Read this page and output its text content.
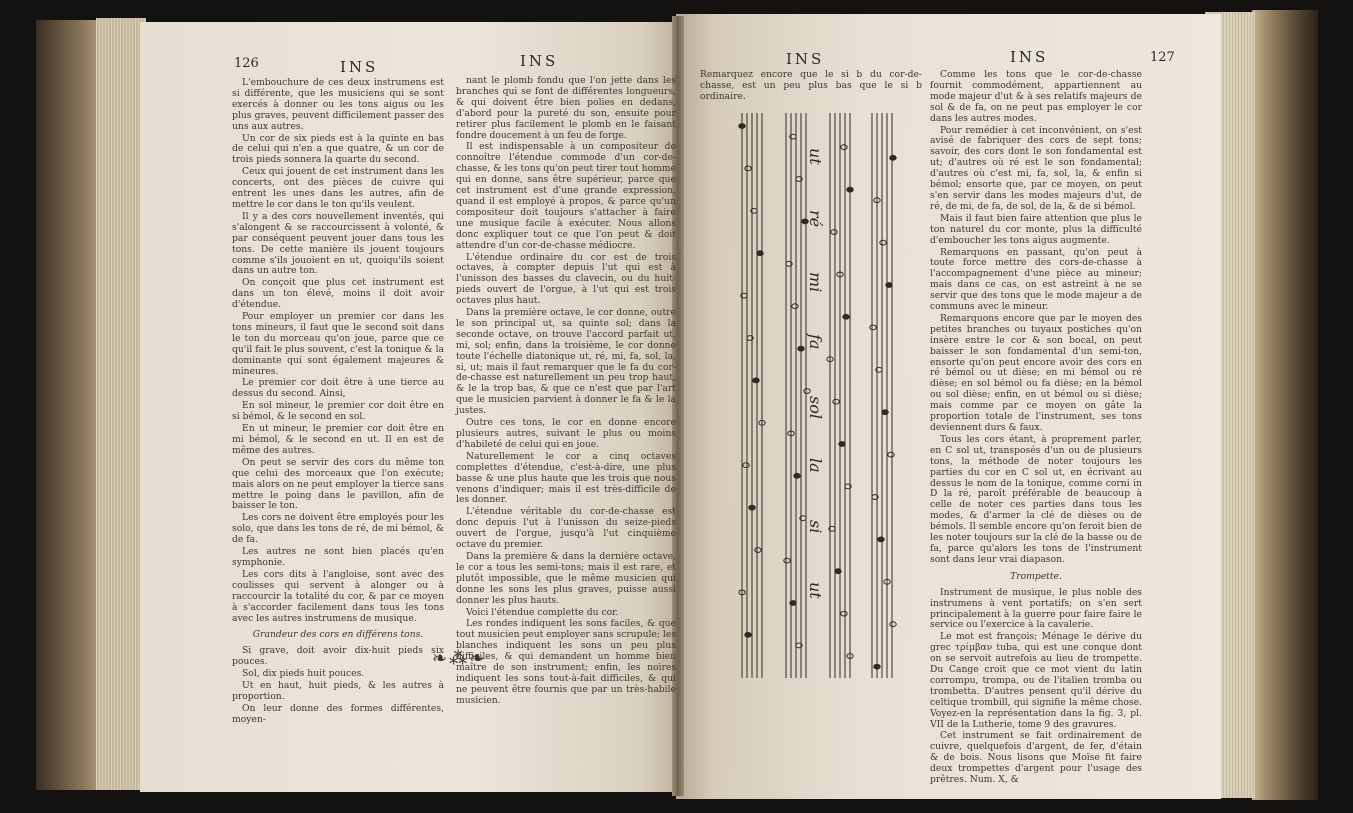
126	INS	INS

L'embouchure de ces deux instrumens est si différente, que les musiciens qui se sont exercés à donner ou les tons aigus ou les plus graves, peuvent difficilement passer des uns aux autres.

Un cor de six pieds est à la quinte en bas de celui qui n'en a que quatre, & un cor de trois pieds sonnera la quarte du second.

Ceux qui jouent de cet instrument dans les concerts, ont des pièces de cuivre qui entrent les unes dans les autres, afin de mettre le cor dans le ton qu'ils veulent.

Il y a des cors nouvellement inventés, qui s'alongent & se raccourcissent à volonté, & par conséquent peuvent jouer dans tous les tons. De cette manière ils jouent toujours comme s'ils jouoient en ut, quoiqu'ils soient dans un autre ton.

On conçoit que plus cet instrument est dans un ton élevé, moins il doit avoir d'étendue.

Pour employer un premier cor dans les tons mineurs, il faut que le second soit dans le ton du morceau qu'on joue, parce que ce qu'il fait le plus souvent, c'est la tonique & la dominante qui sont également majeures & mineures.

Le premier cor doit être à une tierce au dessus du second. Ainsi,

En sol mineur, le premier cor doit être en si bémol, & le second en sol.

En ut mineur, le premier cor doit être en mi bémol, & le second en ut. Il en est de même des autres.

On peut se servir des cors du même ton que celui des morceaux que l'on exécute; mais alors on ne peut employer la tierce sans mettre le poing dans le pavillon, afin de baisser le ton.

Les cors ne doivent être employés pour les solo, que dans les tons de ré, de mi bémol, & de fa.

Les autres ne sont bien placés qu'en symphonie.

Les cors dits à l'angloise, sont avec des coulisses qui servent à alonger ou à raccourcir la totalité du cor, & par ce moyen à s'accorder facilement dans tous les tons avec les autres instrumens de musique.

Grandeur des cors en différens tons.

Si grave, doit avoir dix-huit pieds six pouces.

Sol, dix pieds huit pouces.

Ut en haut, huit pieds, & les autres à proportion.

On leur donne des formes différentes, moyen-

nant le plomb fondu que l'on jette dans les branches qui se font de différentes longueurs, & qui doivent être bien polies en dedans, d'abord pour la pureté du son, ensuite pour retirer plus facilement le plomb en le faisant fondre doucement à un feu de forge.

Il est indispensable à un compositeur de connoître l'étendue commode d'un cor-de-chasse, & les tons qu'on peut tirer tout homme qui en donne, sans être supérieur, parce que cet instrument est d'une grande expression, quand il est employé à propos, & parce qu'un compositeur doit toujours s'attacher à faire une musique facile à exécuter. Nous allons donc expliquer tout ce que l'on peut & doit attendre d'un cor-de-chasse médiocre.

L'étendue ordinaire du cor est de trois octaves, à compter depuis l'ut qui est à l'unisson des basses du clavecin, ou du huit-pieds ouvert de l'orgue, à l'ut qui est trois octaves plus haut.

Dans la première octave, le cor donne, outre le son principal ut, sa quinte sol; dans la seconde octave, on trouve l'accord parfait ut, mi, sol; enfin, dans la troisième, le cor donne toute l'échelle diatonique ut, ré, mi, fa, sol, la, si, ut; mais il faut remarquer que le fa du cor-de-chasse est naturellement un peu trop haut, & le la trop bas, & que ce n'est que par l'art que le musicien parvient à donner le fa & le la justes.

Outre ces tons, le cor en donne encore plusieurs autres, suivant le plus ou moins d'habileté de celui qui en joue.

Naturellement le cor a cinq octaves complettes d'étendue, c'est-à-dire, une plus basse & une plus haute que les trois que nous venons d'indiquer; mais il est très-difficile de les donner.

L'étendue véritable du cor-de-chasse est donc depuis l'ut à l'unisson du seize-pieds ouvert de l'orgue, jusqu'à l'ut cinquième octave du premier.

Dans la première & dans la dernière octave, le cor a tous les semi-tons; mais il est rare, et plutôt impossible, que le même musicien qui donne les sons les plus graves, puisse aussi donner les plus hauts.

Voici l'étendue complette du cor.

Les rondes indiquent les sons faciles, & que tout musicien peut employer sans scrupule; les blanches indiquent les sons un peu plus difficiles, & qui demandent un homme bien maître de son instrument; enfin, les noires indiquent les sons tout-à-fait difficiles, & qui ne peuvent être fournis que par un très-habile musicien.

❧⁂❧
INS	INS	127

Remarquez encore que le si b du cor-de-chasse, est un peu plus bas que le si b ordinaire.

ut
ré
mi
fa
sol
la
si
ut

Comme les tons que le cor-de-chasse fournit commodément, appartiennent au mode majeur d'ut & à ses relatifs majeurs de sol & de fa, on ne peut pas employer le cor dans les autres modes.

Pour remédier à cet inconvénient, on s'est avisé de fabriquer des cors de sept tons; savoir, des cors dont le son fondamental est ut; d'autres où ré est le son fondamental; d'autres où c'est mi, fa, sol, la, & enfin si bémol; ensorte que, par ce moyen, on peut s'en servir dans les modes majeurs d'ut, de ré, de mi, de fa, de sol, de la, & de si bémol.

Mais il faut bien faire attention que plus le ton naturel du cor monte, plus la difficulté d'emboucher les tons aigus augmente.

Remarquons en passant, qu'on peut à toute force mettre des cors-de-chasse à l'accompagnement d'une pièce au mineur; mais dans ce cas, on est astreint à ne se servir que des tons que le mode majeur a de communs avec le mineur.

Remarquons encore que par le moyen des petites branches ou tuyaux postiches qu'on insère entre le cor & son bocal, on peut baisser le son fondamental d'un semi-ton, ensorte qu'on peut encore avoir des cors en ré bémol ou ut dièse; en mi bémol ou ré dièse; en sol bémol ou fa dièse; en la bémol ou sol dièse; enfin, en ut bémol ou si dièse; mais comme par ce moyen on gâte la proportion totale de l'instrument, ses tons deviennent durs & faux.

Tous les cors étant, à proprement parler, en C sol ut, transposés d'un ou de plusieurs tons, la méthode de noter toujours les parties du cor en C sol ut, en écrivant au dessus le nom de la tonique, comme corni in D la ré, paroît préférable de beaucoup à celle de noter ces parties dans tous les modes, & d'armer la clé de dièses ou de bémols. Il semble encore qu'on feroit bien de les noter toujours sur la clé de la basse ou de fa, parce qu'alors les tons de l'instrument sont dans leur vrai diapason.

Trompette.

Instrument de musique, le plus noble des instrumens à vent portatifs; on s'en sert principalement à la guerre pour faire faire le service ou l'exercice à la cavalerie.

Le mot est françois; Ménage le dérive du grec τρίμβαν tuba, qui est une conque dont on se servoit autrefois au lieu de trompette. Du Cange croit que ce mot vient du latin corrompu, trompa, ou de l'italien tromba ou trombetta. D'autres pensent qu'il dérive du celtique trombill, qui signifie la même chose. Voyez-en la représentation dans la fig. 3, pl. VII de la Lutherie, tome 9 des gravures.

Cet instrument se fait ordinairement de cuivre, quelquefois d'argent, de fer, d'étain & de bois. Nous lisons que Moïse fit faire deux trompettes d'argent pour l'usage des prêtres. Num. X, &
